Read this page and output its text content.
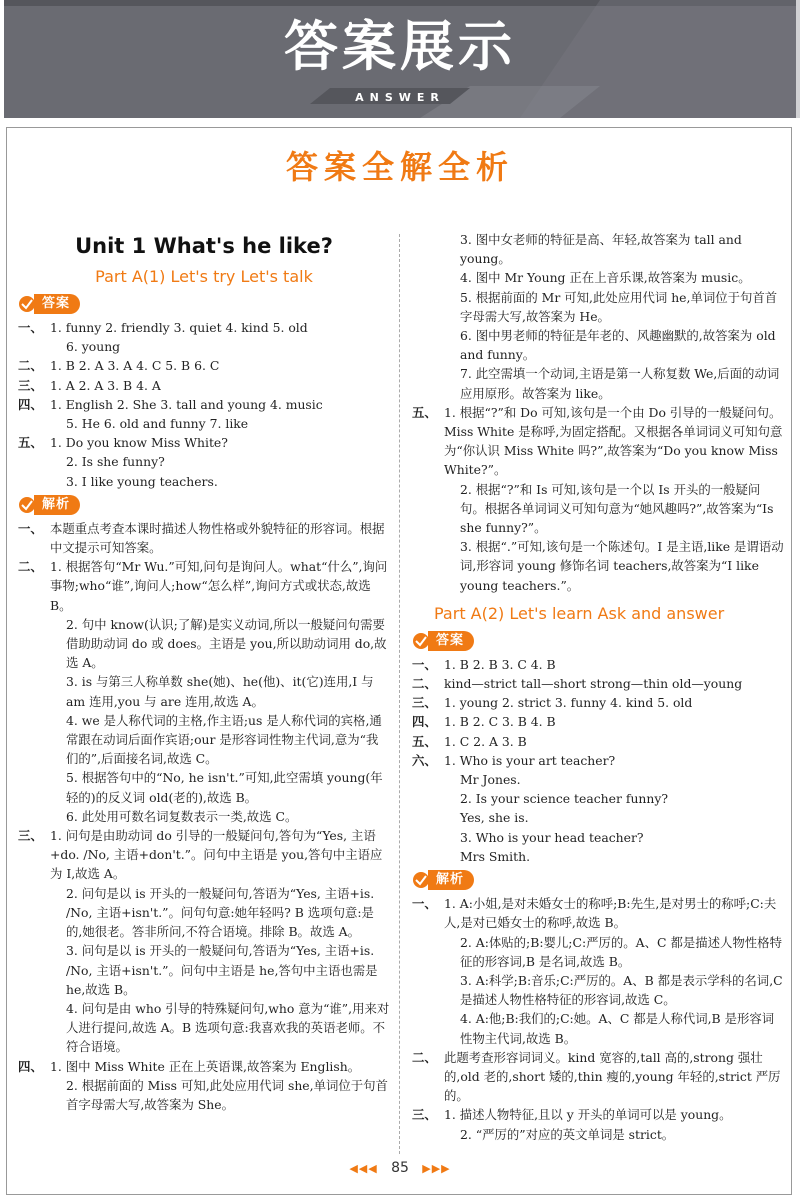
答案展示
ANSWER
答案全解全析
Unit 1 What's he like?
Part A(1) Let's try Let's talk
答案
一、 1. funny 2. friendly 3. quiet 4. kind 5. old
6. young
二、 1. B 2. A 3. A 4. C 5. B 6. C
三、 1. A 2. A 3. B 4. A
四、 1. English 2. She 3. tall and young 4. music
5. He 6. old and funny 7. like
五、 1. Do you know Miss White?
2. Is she funny?
3. I like young teachers.
解析
一、 本题重点考查本课时描述人物性格或外貌特征的形容词。根据中文提示可知答案。
二、 1. 根据答句“Mr Wu.”可知,问句是询问人。what“什么”,询问事物;who“谁”,询问人;how“怎么样”,询问方式或状态,故选 B。
2. 句中 know(认识;了解)是实义动词,所以一般疑问句需要借助助动词 do 或 does。主语是 you,所以助动词用 do,故选 A。
3. is 与第三人称单数 she(她)、he(他)、it(它)连用,I 与 am 连用,you 与 are 连用,故选 A。
4. we 是人称代词的主格,作主语;us 是人称代词的宾格,通常跟在动词后面作宾语;our 是形容词性物主代词,意为“我们的”,后面接名词,故选 C。
5. 根据答句中的“No, he isn't.”可知,此空需填 young(年轻的)的反义词 old(老的),故选 B。
6. 此处用可数名词复数表示一类,故选 C。
三、 1. 问句是由助动词 do 引导的一般疑问句,答句为“Yes, 主语+do. /No, 主语+don't.”。问句中主语是 you,答句中主语应为 I,故选 A。
2. 问句是以 is 开头的一般疑问句,答语为“Yes, 主语+is. /No, 主语+isn't.”。问句句意:她年轻吗? B 选项句意:是的,她很老。答非所问,不符合语境。排除 B。故选 A。
3. 问句是以 is 开头的一般疑问句,答语为“Yes, 主语+is. /No, 主语+isn't.”。问句中主语是 he,答句中主语也需是 he,故选 B。
4. 问句是由 who 引导的特殊疑问句,who 意为“谁”,用来对人进行提问,故选 A。B 选项句意:我喜欢我的英语老师。不符合语境。
四、 1. 图中 Miss White 正在上英语课,故答案为 English。
2. 根据前面的 Miss 可知,此处应用代词 she,单词位于句首首字母需大写,故答案为 She。
3. 图中女老师的特征是高、年轻,故答案为 tall and young。
4. 图中 Mr Young 正在上音乐课,故答案为 music。
5. 根据前面的 Mr 可知,此处应用代词 he,单词位于句首首字母需大写,故答案为 He。
6. 图中男老师的特征是年老的、风趣幽默的,故答案为 old and funny。
7. 此空需填一个动词,主语是第一人称复数 We,后面的动词应用原形。故答案为 like。
五、 1. 根据“?”和 Do 可知,该句是一个由 Do 引导的一般疑问句。Miss White 是称呼,为固定搭配。又根据各单词词义可知句意为“你认识 Miss White 吗?”,故答案为“Do you know Miss White?”。
2. 根据“?”和 Is 可知,该句是一个以 Is 开头的一般疑问句。根据各单词词义可知句意为“她风趣吗?”,故答案为“Is she funny?”。
3. 根据“.”可知,该句是一个陈述句。I 是主语,like 是谓语动词,形容词 young 修饰名词 teachers,故答案为“I like young teachers.”。
Part A(2) Let's learn Ask and answer
答案
一、 1. B 2. B 3. C 4. B
二、 kind—strict tall—short strong—thin old—young
三、 1. young 2. strict 3. funny 4. kind 5. old
四、 1. B 2. C 3. B 4. B
五、 1. C 2. A 3. B
六、 1. Who is your art teacher?
Mr Jones.
2. Is your science teacher funny?
Yes, she is.
3. Who is your head teacher?
Mrs Smith.
解析
一、 1. A:小姐,是对未婚女士的称呼;B:先生,是对男士的称呼;C:夫人,是对已婚女士的称呼,故选 B。
2. A:体贴的;B:婴儿;C:严厉的。A、C 都是描述人物性格特征的形容词,B 是名词,故选 B。
3. A:科学;B:音乐;C:严厉的。A、B 都是表示学科的名词,C 是描述人物性格特征的形容词,故选 C。
4. A:他;B:我们的;C:她。A、C 都是人称代词,B 是形容词性物主代词,故选 B。
二、 此题考查形容词词义。kind 宽容的,tall 高的,strong 强壮的,old 老的,short 矮的,thin 瘦的,young 年轻的,strict 严厉的。
三、 1. 描述人物特征,且以 y 开头的单词可以是 young。
2. “严厉的”对应的英文单词是 strict。
◀◀◀ 85 ▶▶▶
